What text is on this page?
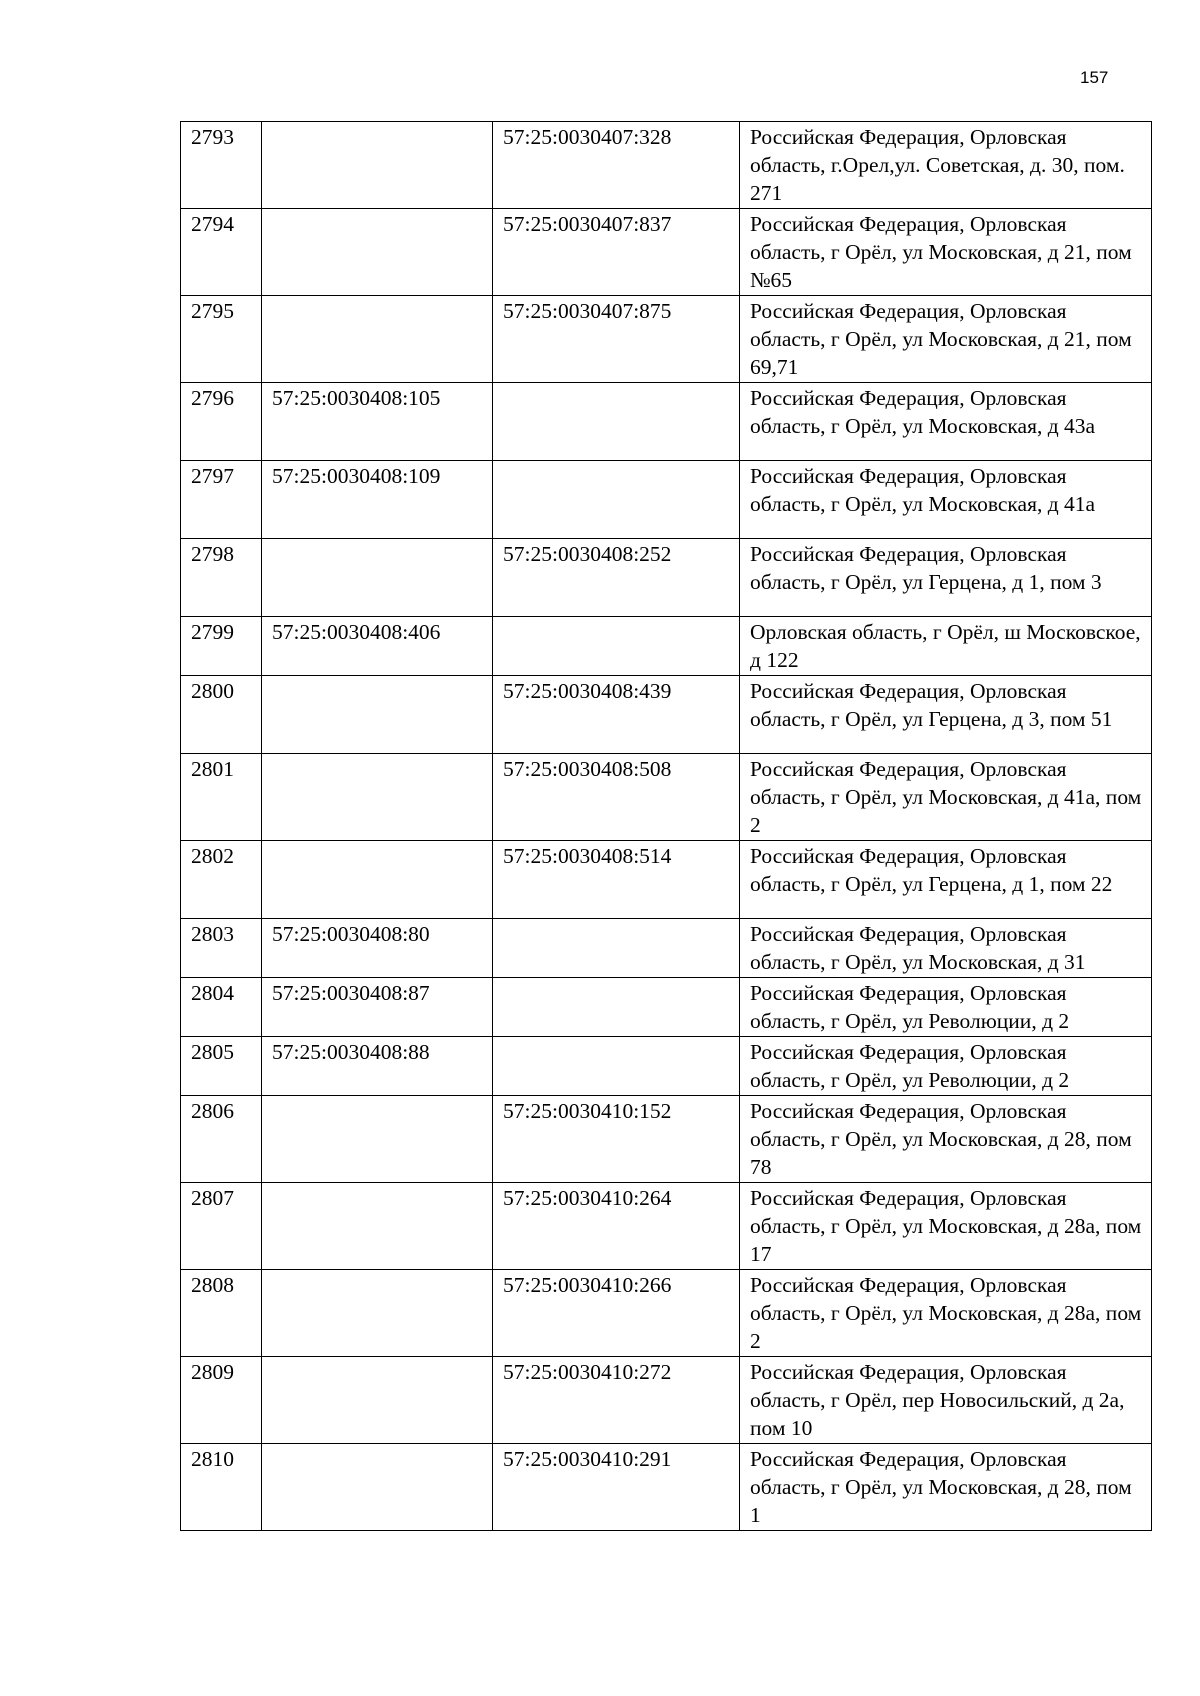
157
2793		57:25:0030407:328	Российская Федерация, Орловская область, г.Орел,ул. Советская, д. 30, пом. 271
2794		57:25:0030407:837	Российская Федерация, Орловская область, г Орёл, ул Московская, д 21, пом №65
2795		57:25:0030407:875	Российская Федерация, Орловская область, г Орёл, ул Московская, д 21, пом 69,71
2796	57:25:0030408:105		Российская Федерация, Орловская область, г Орёл, ул Московская, д 43а
2797	57:25:0030408:109		Российская Федерация, Орловская область, г Орёл, ул Московская, д 41а
2798		57:25:0030408:252	Российская Федерация, Орловская область, г Орёл, ул Герцена, д 1, пом 3
2799	57:25:0030408:406		Орловская область, г Орёл, ш Московское, д 122
2800		57:25:0030408:439	Российская Федерация, Орловская область, г Орёл, ул Герцена, д 3, пом 51
2801		57:25:0030408:508	Российская Федерация, Орловская область, г Орёл, ул Московская, д 41а, пом 2
2802		57:25:0030408:514	Российская Федерация, Орловская область, г Орёл, ул Герцена, д 1, пом 22
2803	57:25:0030408:80		Российская Федерация, Орловская область, г Орёл, ул Московская, д 31
2804	57:25:0030408:87		Российская Федерация, Орловская область, г Орёл, ул Революции, д 2
2805	57:25:0030408:88		Российская Федерация, Орловская область, г Орёл, ул Революции, д 2
2806		57:25:0030410:152	Российская Федерация, Орловская область, г Орёл, ул Московская, д 28, пом 78
2807		57:25:0030410:264	Российская Федерация, Орловская область, г Орёл, ул Московская, д 28а, пом 17
2808		57:25:0030410:266	Российская Федерация, Орловская область, г Орёл, ул Московская, д 28а, пом 2
2809		57:25:0030410:272	Российская Федерация, Орловская область, г Орёл, пер Новосильский, д 2а, пом 10
2810		57:25:0030410:291	Российская Федерация, Орловская область, г Орёл, ул Московская, д 28, пом 1
